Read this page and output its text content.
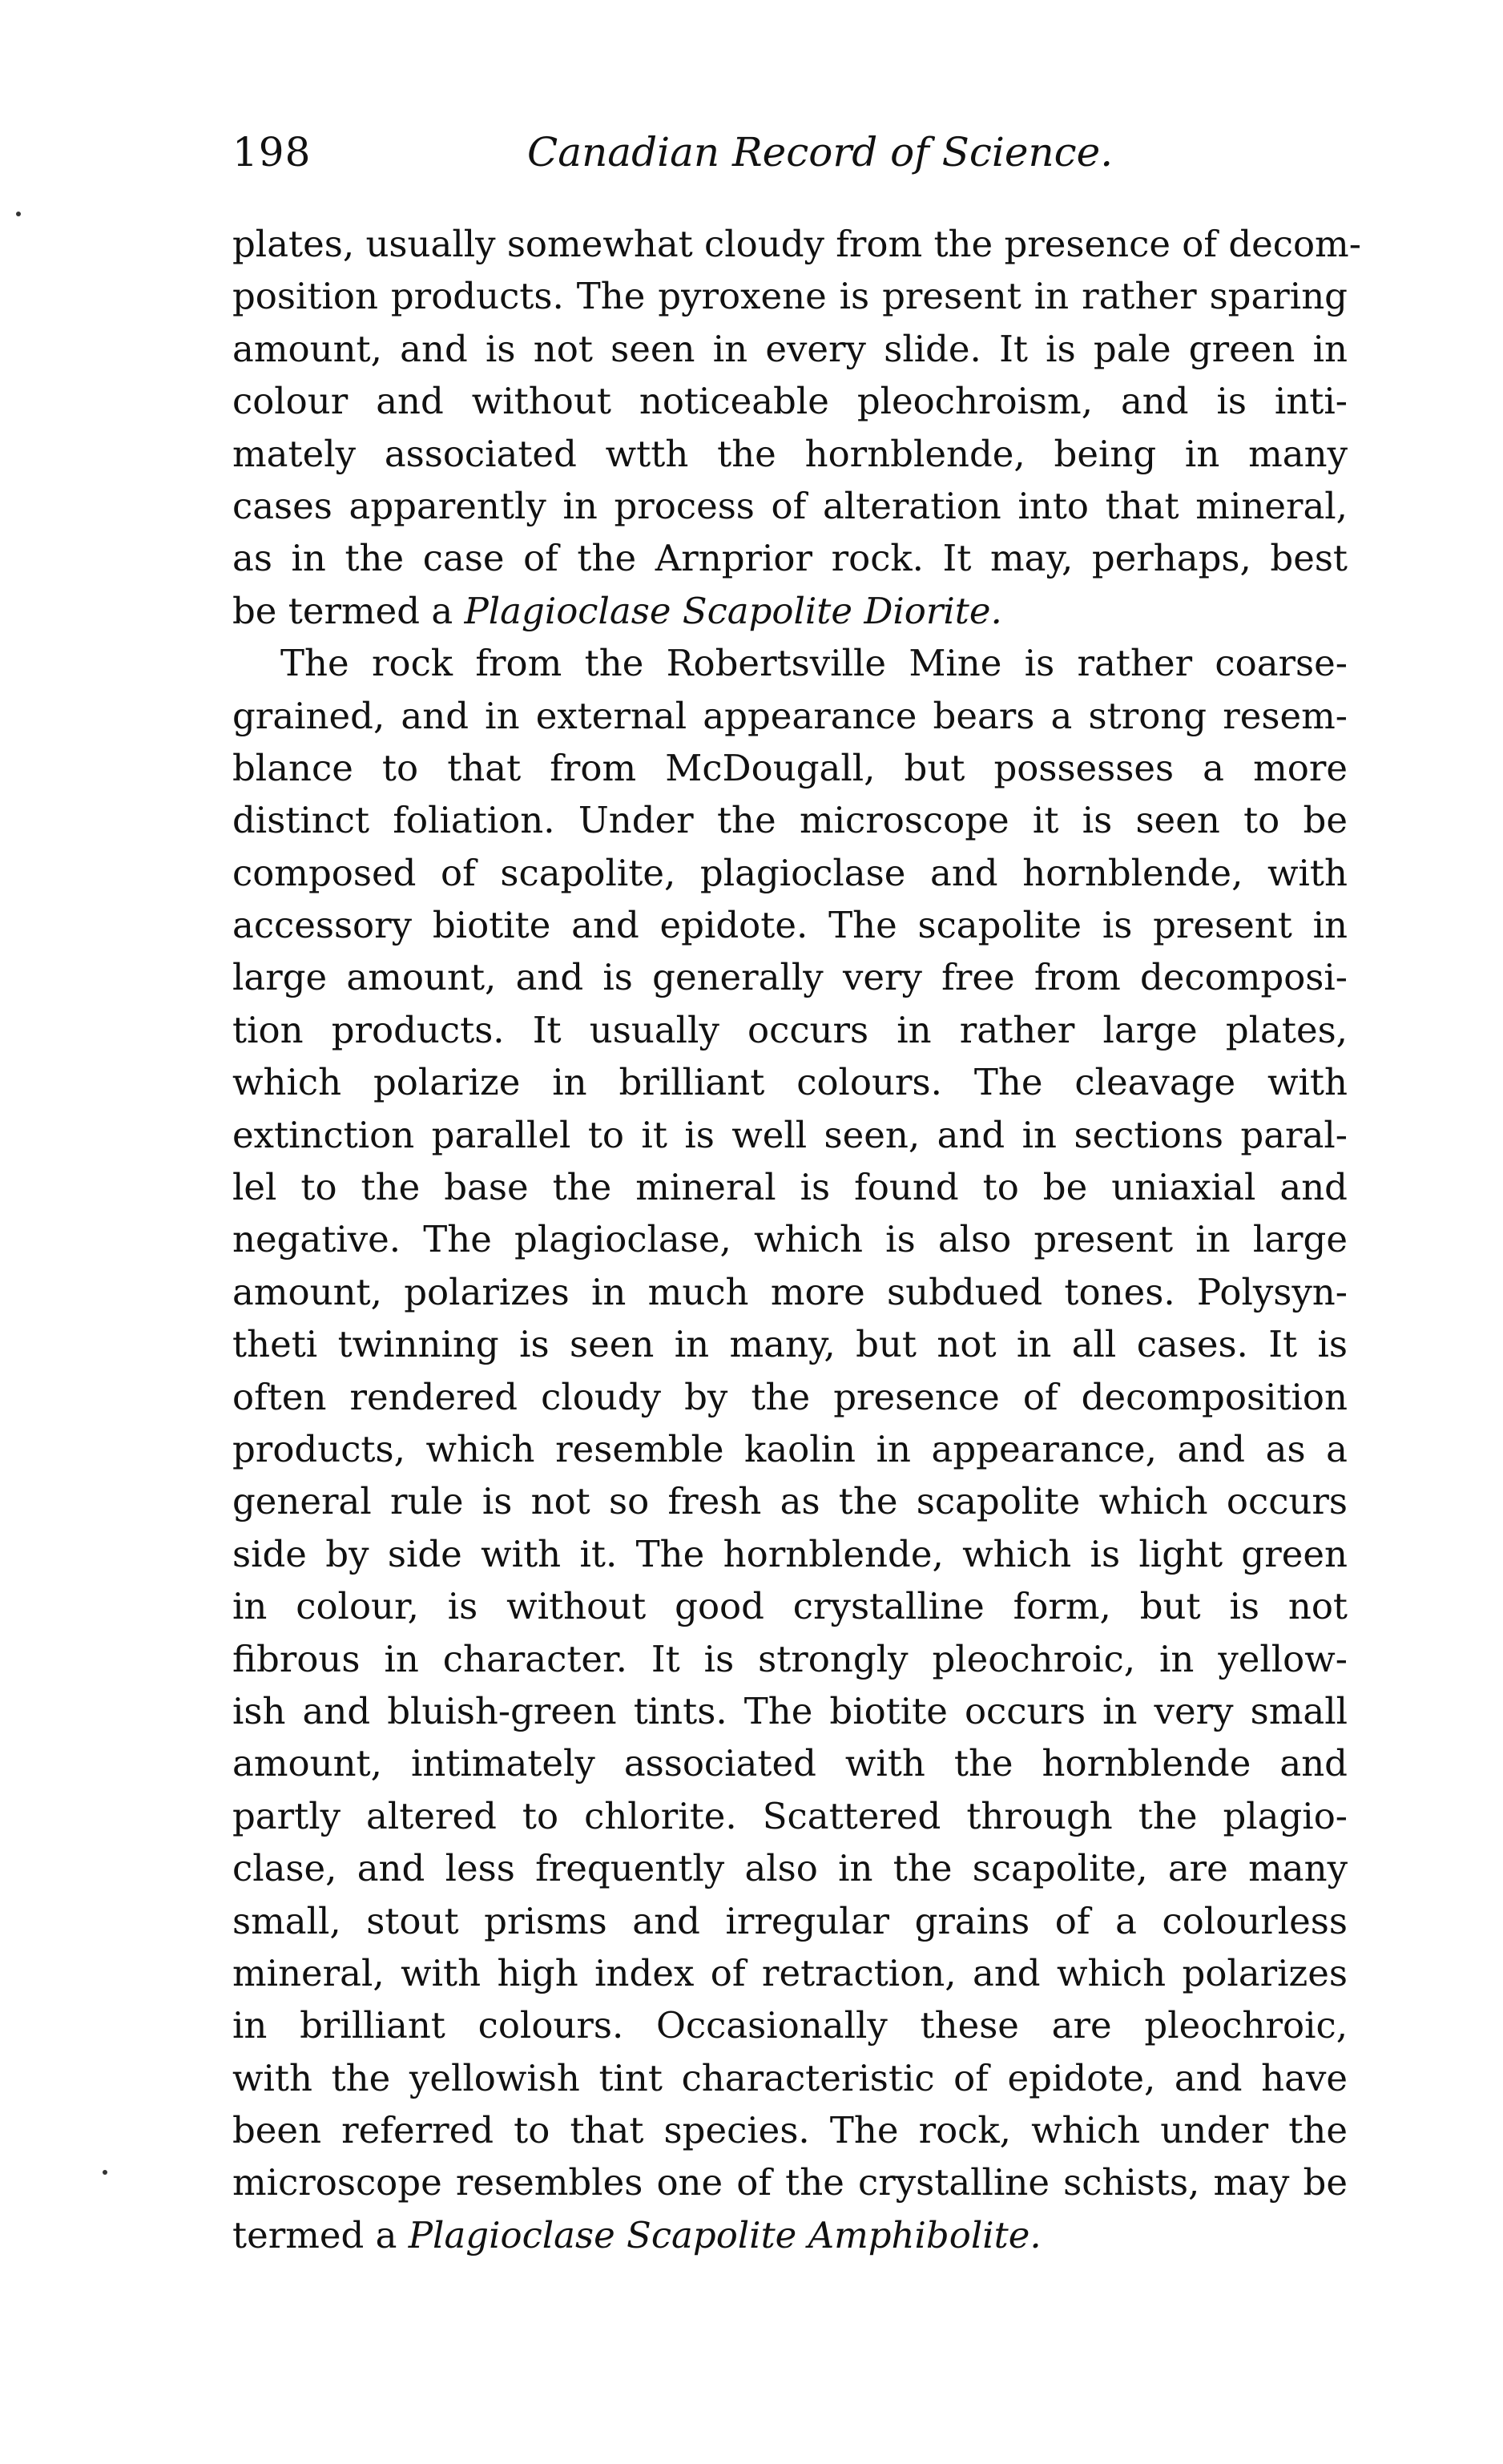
198	Canadian Record of Science.
plates, usually somewhat cloudy from the presence of decom-
position products. The pyroxene is present in rather sparing
amount, and is not seen in every slide. It is pale green in
colour and without noticeable pleochroism, and is inti-
mately associated wtth the hornblende, being in many
cases apparently in process of alteration into that mineral,
as in the case of the Arnprior rock. It may, perhaps, best
be termed a Plagioclase Scapolite Diorite.
The rock from the Robertsville Mine is rather coarse-
grained, and in external appearance bears a strong resem-
blance to that from McDougall, but possesses a more
distinct foliation. Under the microscope it is seen to be
composed of scapolite, plagioclase and hornblende, with
accessory biotite and epidote. The scapolite is present in
large amount, and is generally very free from decomposi-
tion products. It usually occurs in rather large plates,
which polarize in brilliant colours. The cleavage with
extinction parallel to it is well seen, and in sections paral-
lel to the base the mineral is found to be uniaxial and
negative. The plagioclase, which is also present in large
amount, polarizes in much more subdued tones. Polysyn-
theti twinning is seen in many, but not in all cases. It is
often rendered cloudy by the presence of decomposition
products, which resemble kaolin in appearance, and as a
general rule is not so fresh as the scapolite which occurs
side by side with it. The hornblende, which is light green
in colour, is without good crystalline form, but is not
fibrous in character. It is strongly pleochroic, in yellow-
ish and bluish-green tints. The biotite occurs in very small
amount, intimately associated with the hornblende and
partly altered to chlorite. Scattered through the plagio-
clase, and less frequently also in the scapolite, are many
small, stout prisms and irregular grains of a colourless
mineral, with high index of retraction, and which polarizes
in brilliant colours. Occasionally these are pleochroic,
with the yellowish tint characteristic of epidote, and have
been referred to that species. The rock, which under the
microscope resembles one of the crystalline schists, may be
termed a Plagioclase Scapolite Amphibolite.
